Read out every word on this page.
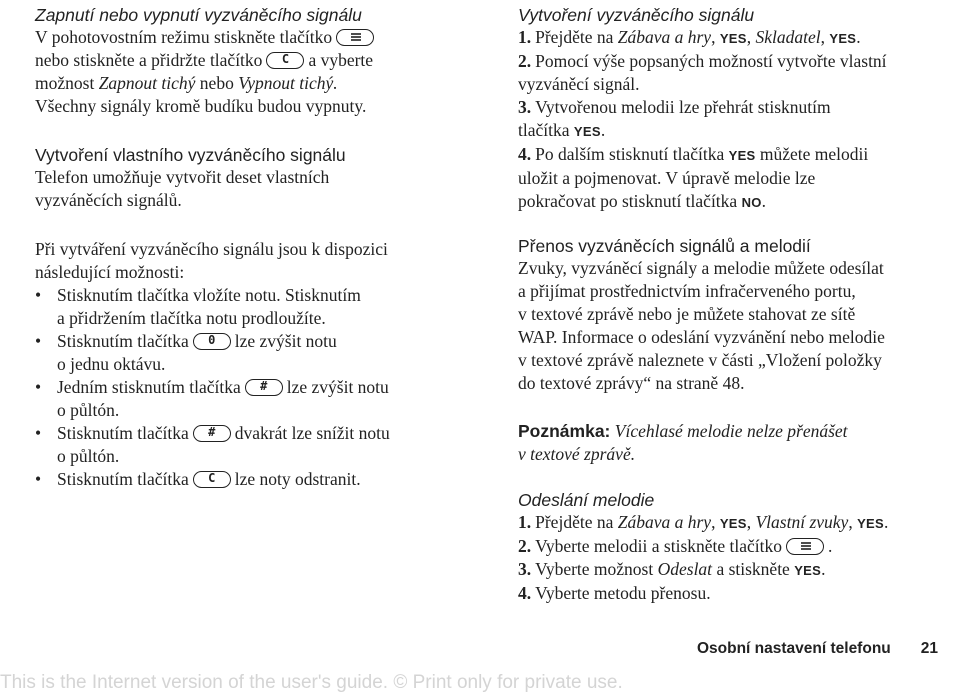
Zapnutí nebo vypnutí vyzváněcího signálu

V pohotovostním režimu stiskněte tlačítko

nebo stiskněte a přidržte tlačítko	C	a vyberte

možnost Zapnout tichý nebo Vypnout tichý.

Všechny signály kromě budíku budou vypnuty.

Vytvoření vlastního vyzváněcího signálu

Telefon umožňuje vytvořit deset vlastních

vyzváněcích signálů.

Při vytváření vyzváněcího signálu jsou k dispozici

následující možnosti:

• Stisknutím tlačítka vložíte notu. Stisknutím
a přidržením tlačítka notu prodloužíte.
• Stisknutím tlačítka	0	lze zvýšit notu
o jednu oktávu.
• Jedním stisknutím tlačítka	#	lze zvýšit notu
o půltón.
• Stisknutím tlačítka	#	dvakrát lze snížit notu
o půltón.
• Stisknutím tlačítka	C	lze noty odstranit.

Vytvoření vyzváněcího signálu

1. Přejděte na Zábava a hry, YES, Skladatel, YES.
2. Pomocí výše popsaných možností vytvořte vlastní
vyzváněcí signál.
3. Vytvořenou melodii lze přehrát stisknutím
tlačítka YES.
4. Po dalším stisknutí tlačítka YES můžete melodii
uložit a pojmenovat. V úpravě melodie lze
pokračovat po stisknutí tlačítka NO.

Přenos vyzváněcích signálů a melodií

Zvuky, vyzváněcí signály a melodie můžete odesílat

a přijímat prostřednictvím infračerveného portu,

v textové zprávě nebo je můžete stahovat ze sítě

WAP. Informace o odeslání vyzvánění nebo melodie

v textové zprávě naleznete v části „Vložení položky

do textové zprávy“ na straně 48.

Poznámka: Vícehlasé melodie nelze přenášet

v textové zprávě.

Odeslání melodie

1. Přejděte na Zábava a hry, YES, Vlastní zvuky, YES.
2. Vyberte melodii a stiskněte tlačítko	.
3. Vyberte možnost Odeslat a stiskněte YES.
4. Vyberte metodu přenosu.
Osobní nastavení telefonu 21
This is the Internet version of the user's guide. © Print only for private use.
